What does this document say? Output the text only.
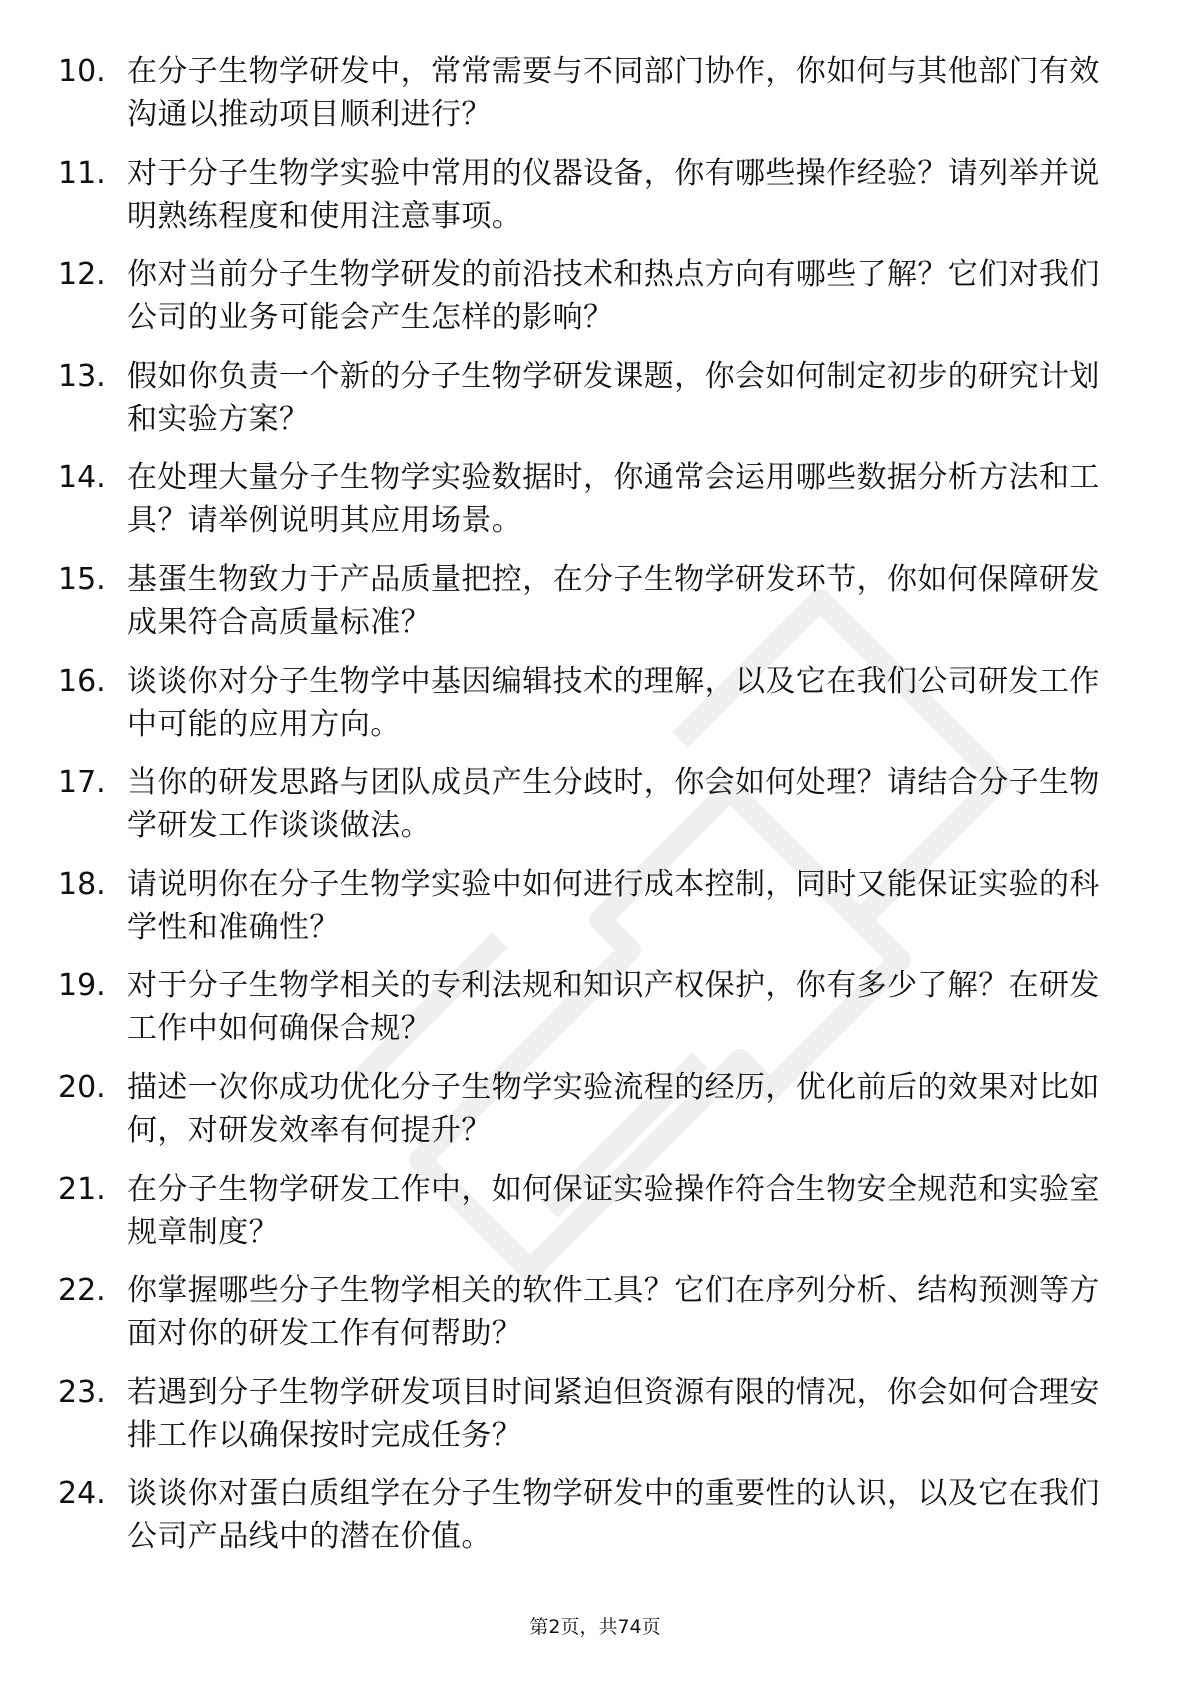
10. 在分子生物学研发中，常常需要与不同部门协作，你如何与其他部门有效沟通以推动项目顺利进行？
11. 对于分子生物学实验中常用的仪器设备，你有哪些操作经验？请列举并说明熟练程度和使用注意事项。
12. 你对当前分子生物学研发的前沿技术和热点方向有哪些了解？它们对我们公司的业务可能会产生怎样的影响？
13. 假如你负责一个新的分子生物学研发课题，你会如何制定初步的研究计划和实验方案？
14. 在处理大量分子生物学实验数据时，你通常会运用哪些数据分析方法和工具？请举例说明其应用场景。
15. 基蛋生物致力于产品质量把控，在分子生物学研发环节，你如何保障研发成果符合高质量标准？
16. 谈谈你对分子生物学中基因编辑技术的理解，以及它在我们公司研发工作中可能的应用方向。
17. 当你的研发思路与团队成员产生分歧时，你会如何处理？请结合分子生物学研发工作谈谈做法。
18. 请说明你在分子生物学实验中如何进行成本控制，同时又能保证实验的科学性和准确性？
19. 对于分子生物学相关的专利法规和知识产权保护，你有多少了解？在研发工作中如何确保合规？
20. 描述一次你成功优化分子生物学实验流程的经历，优化前后的效果对比如何，对研发效率有何提升？
21. 在分子生物学研发工作中，如何保证实验操作符合生物安全规范和实验室规章制度？
22. 你掌握哪些分子生物学相关的软件工具？它们在序列分析、结构预测等方面对你的研发工作有何帮助？
23. 若遇到分子生物学研发项目时间紧迫但资源有限的情况，你会如何合理安排工作以确保按时完成任务？
24. 谈谈你对蛋白质组学在分子生物学研发中的重要性的认识，以及它在我们公司产品线中的潜在价值。
第2页，共74页
